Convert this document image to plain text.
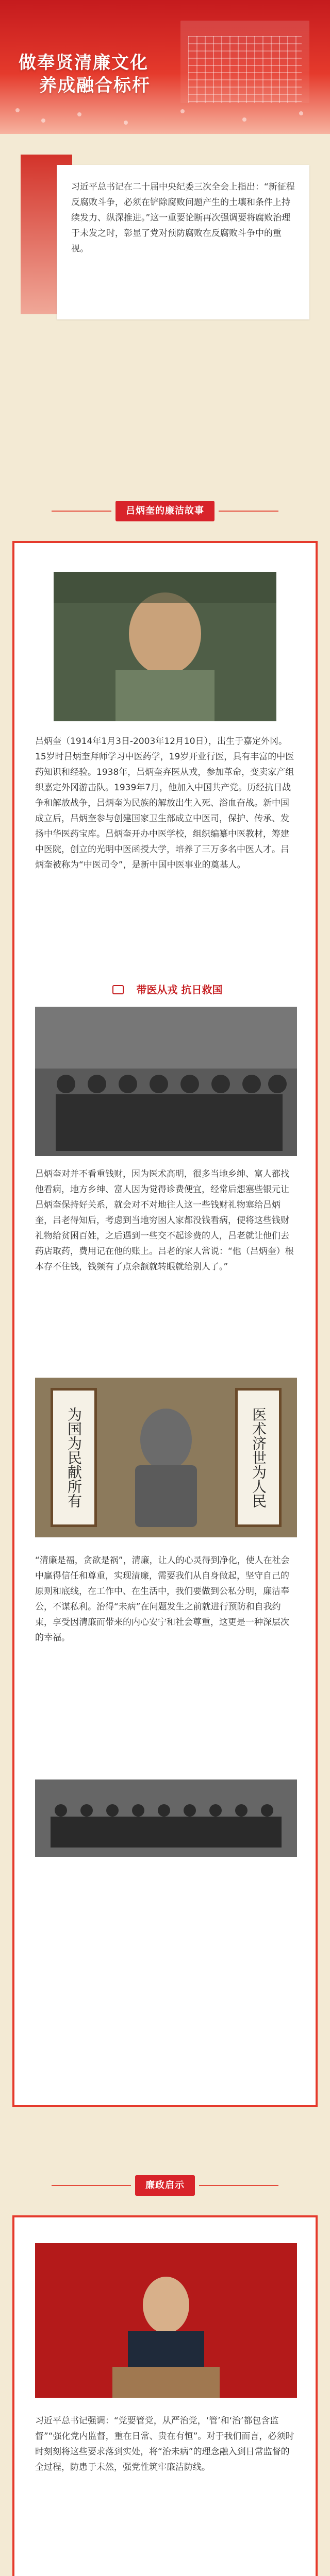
做奉贤清廉文化
养成融合标杆
习近平总书记在二十届中央纪委三次全会上指出：“新征程反腐败斗争，必须在铲除腐败问题产生的土壤和条件上持续发力、纵深推进。”这一重要论断再次强调要将腐败治理于未发之时，彰显了党对预防腐败在反腐败斗争中的重视。
吕炳奎的廉洁故事
吕炳奎（1914年1月3日-2003年12月10日），出生于嘉定外冈。15岁时吕炳奎拜师学习中医药学，19岁开业行医，具有丰富的中医药知识和经验。1938年，吕炳奎弃医从戎，参加革命，变卖家产组织嘉定外冈游击队。1939年7月，他加入中国共产党。历经抗日战争和解放战争，吕炳奎为民族的解放出生入死、浴血奋战。新中国成立后，吕炳奎参与创建国家卫生部成立中医司，保护、传承、发扬中华医药宝库。吕炳奎开办中医学校，组织编纂中医教材，筹建中医院，创立的光明中医函授大学，培养了三万多名中医人才。吕炳奎被称为“中医司令”，是新中国中医事业的奠基人。
带医从戎 抗日救国
吕炳奎对并不看重钱财，因为医术高明，很多当地乡绅、富人都找他看病，地方乡绅、富人因为觉得诊费便宜，经常后想塞些银元让吕炳奎保持好关系，就会对不对地往人这一些钱财礼物塞给吕炳奎，吕老得知后，考虑到当地穷困人家都没钱看病，便将这些钱财礼物给贫困百姓，之后遇到一些交不起诊费的人，吕老就让他们去药店取药，费用记在他的账上。吕老的家人常说：“他（吕炳奎）根本存不住钱，钱频有了点余额就转眼就给别人了。”
为国为民献所有	医术济世为人民
“清廉是福，贪欲是祸”，清廉，让人的心灵得到净化，使人在社会中赢得信任和尊重，实现清廉，需要我们从自身做起，坚守自己的原则和底线，在工作中、在生活中，我们要做到公私分明，廉洁奉公，不谋私利。治得“未病”在问题发生之前就进行预防和自我约束，享受因清廉而带来的内心安宁和社会尊重，这更是一种深层次的幸福。
廉政启示
习近平总书记强调：“党要管党，从严治党，‘管’和‘治’都包含监督”“强化党内监督，重在日常、贵在有恒”。对于我们而言，必须时时刻刻将这些要求落到实处，将“治未病”的理念融入到日常监督的全过程，防患于未然，强党性筑牢廉洁防线。
